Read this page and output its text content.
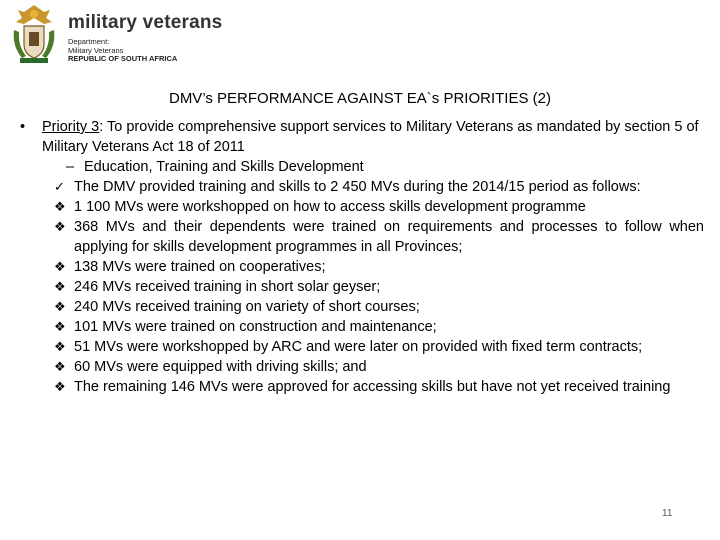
military veterans
Department:
Military Veterans
REPUBLIC OF SOUTH AFRICA
DMV’s PERFORMANCE AGAINST EA`s PRIORITIES (2)
• Priority 3: To provide comprehensive support services to Military Veterans as mandated by section 5 of Military Veterans Act 18 of 2011
– Education, Training and Skills Development
✓ The DMV provided training and skills to 2 450 MVs during the 2014/15 period as follows:
❖ 1 100 MVs were workshopped on how to access skills development programme
❖ 368 MVs and their dependents were trained on requirements and processes to follow when applying for skills development programmes in all Provinces;
❖ 138 MVs were trained on cooperatives;
❖ 246 MVs received training in short solar geyser;
❖ 240 MVs received training on variety of short courses;
❖ 101 MVs were trained on construction and maintenance;
❖ 51 MVs were workshopped by ARC and were later on provided with fixed term contracts;
❖ 60 MVs were equipped with driving skills; and
❖ The remaining 146 MVs were approved for accessing skills but have not yet received training
11
